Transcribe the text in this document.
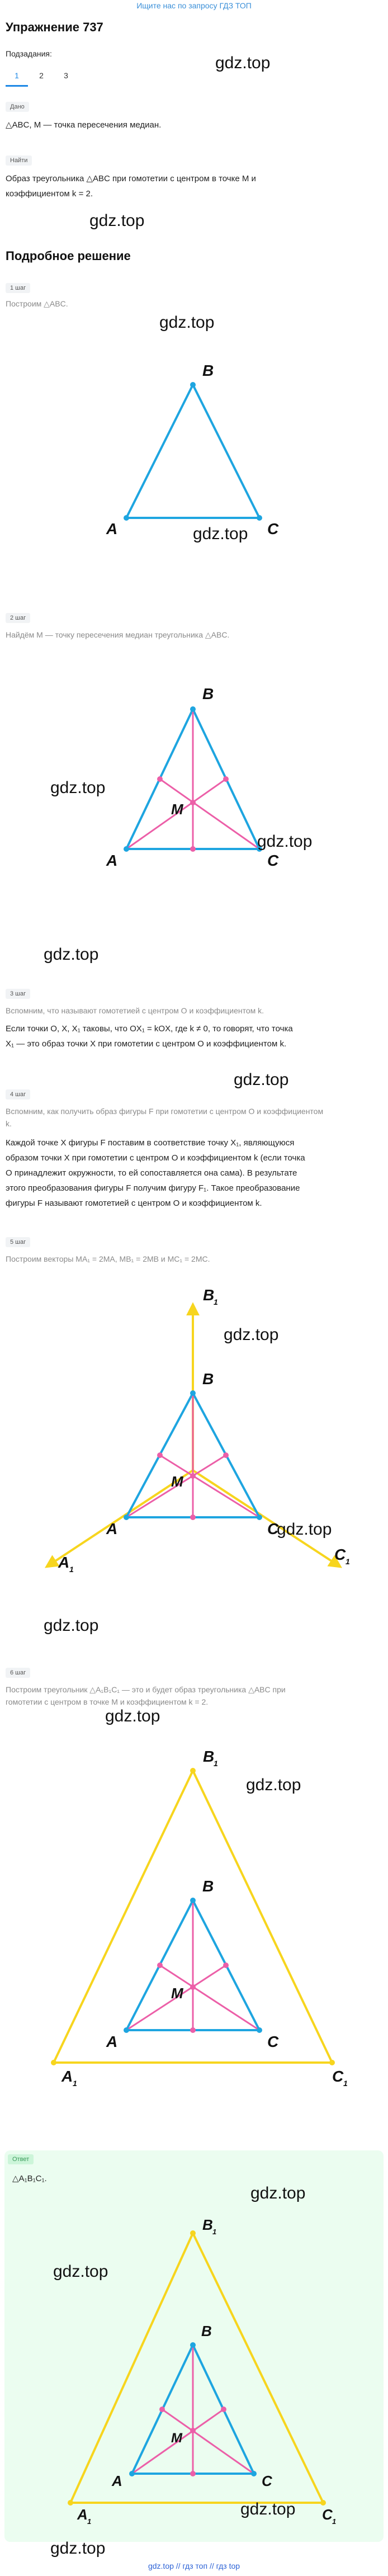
Ищите нас по запросу ГДЗ ТОП
Упражнение 737
gdz.top
Подзадания:
1	2	3
Дано
△ABC, M — точка пересечения медиан.
Найти
Образ треугольника △ABC при гомотетии с центром в точке M и
коэффициентом k = 2.
gdz.top
Подробное решение
1 шаг
Построим △ABC.
gdz.top
B
A	C
gdz.top
2 шаг
Найдём M — точку пересечения медиан треугольника △ABC.
B
A	C
M
gdz.top
gdz.top
gdz.top
3 шаг
Вспомним, что называют гомотетией с центром O и коэффициентом k.
Если точки O, X, X₁ таковы, что OX₁ = kOX, где k ≠ 0, то говорят, что точка
X₁ — это образ точки X при гомотетии с центром O и коэффициентом k.
gdz.top
4 шаг
Вспомним, как получить образ фигуры F при гомотетии с центром O и коэффициентом
k.
Каждой точке X фигуры F поставим в соответствие точку X₁, являющуюся
образом точки X при гомотетии с центром O и коэффициентом k (если точка
O принадлежит окружности, то ей сопоставляется она сама). В результате
этого преобразования фигуры F получим фигуру F₁. Такое преобразование
фигуры F называют гомотетией с центром O и коэффициентом k.
5 шаг
Построим векторы MA₁ = 2MA, MB₁ = 2MB и MC₁ = 2MC.
B
1
B
A	C
M
A 1
C 1
gdz.top
gdz.top
gdz.top
6 шаг
Построим треугольник △A₁B₁C₁ — это и будет образ треугольника △ABC при
гомотетии с центром в точке M и коэффициентом k = 2.
gdz.top
B
1
B
A	C
M
A 1	C 1
gdz.top
Ответ
△A₁B₁C₁.
gdz.top
B 1
B
A	C
M
A 1	C 1
gdz.top
gdz.top
gdz.top
gdz.top // гдз топ // гдз top
